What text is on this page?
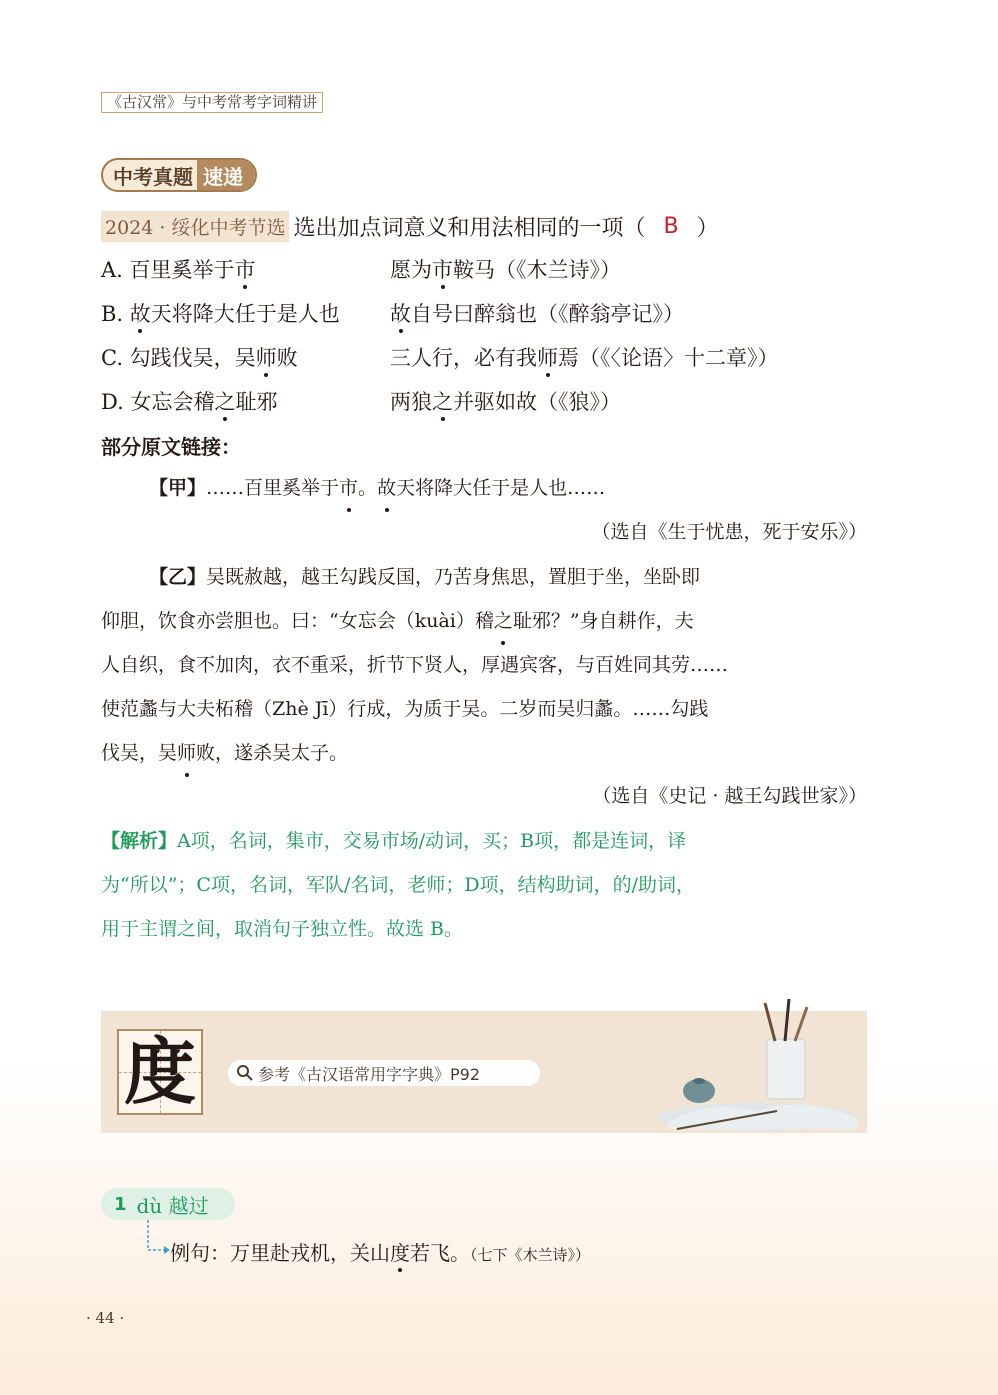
《古汉常》与中考常考字词精讲
中考真题 速递
2024 · 绥化中考节选 选出加点词意义和用法相同的一项（ B ）
A. 百里奚举于市	愿为市鞍马（《木兰诗》）
B. 故天将降大任于是人也 故自号曰醉翁也（《醉翁亭记》）
C. 勾践伐吴，吴师败	三人行，必有我师焉（《〈论语〉十二章》）
D. 女忘会稽之耻邪	两狼之并驱如故（《狼》）
部分原文链接：
【甲】……百里奚举于市。故天将降大任于是人也……
（选自《生于忧患，死于安乐》）
【乙】吴既赦越，越王勾践反国，乃苦身焦思，置胆于坐，坐卧即
仰胆，饮食亦尝胆也。曰：“女忘会（kuài）稽之耻邪？”身自耕作，夫
人自织，食不加肉，衣不重采，折节下贤人，厚遇宾客，与百姓同其劳……
使范蠡与大夫柘稽（Zhè Jī）行成，为质于吴。二岁而吴归蠡。……勾践
伐吴，吴师败，遂杀吴太子。
（选自《史记 · 越王勾践世家》）
【解析】A项，名词，集市，交易市场/动词，买；B项，都是连词，译
为“所以”；C项，名词，军队/名词，老师；D项，结构助词，的/助词，
用于主谓之间，取消句子独立性。故选 B。
度	参考《古汉语常用字字典》P92
1 dù 越过
例句：万里赴戎机，关山度若飞。（七下《木兰诗》）
· 44 ·
